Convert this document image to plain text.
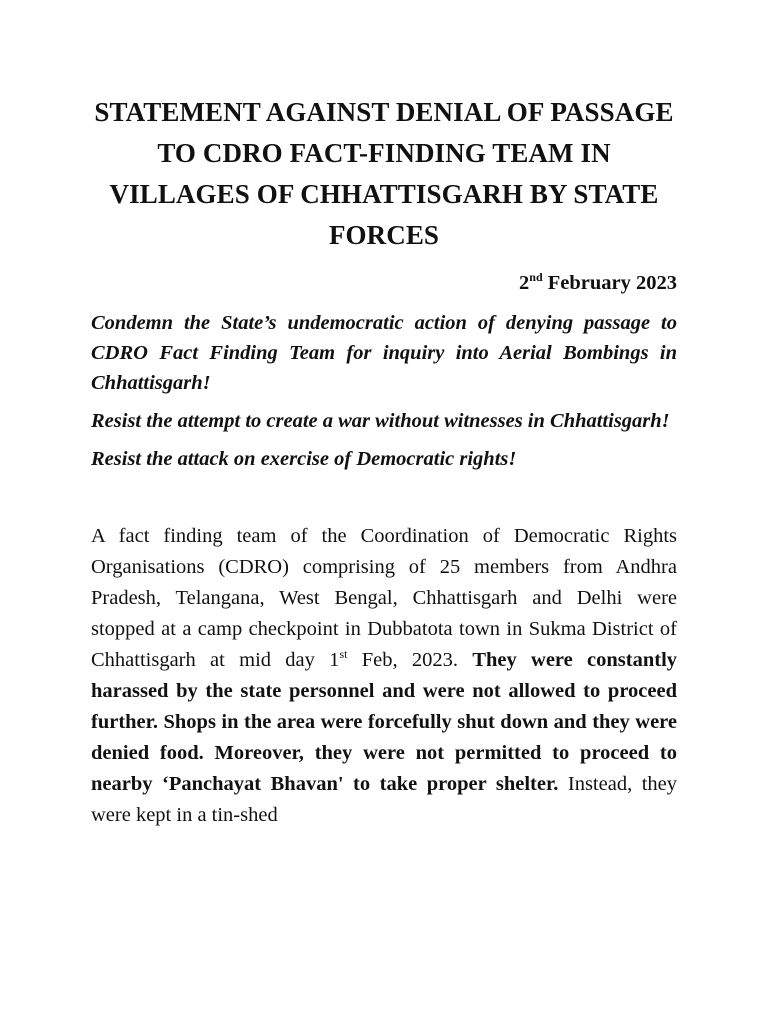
STATEMENT AGAINST DENIAL OF PASSAGE TO CDRO FACT-FINDING TEAM IN VILLAGES OF CHHATTISGARH BY STATE FORCES
2nd February 2023

Condemn the State’s undemocratic action of denying passage to CDRO Fact Finding Team for inquiry into Aerial Bombings in Chhattisgarh!

Resist the attempt to create a war without witnesses in Chhattisgarh!

Resist the attack on exercise of Democratic rights!

A fact finding team of the Coordination of Democratic Rights Organisations (CDRO) comprising of 25 members from Andhra Pradesh, Telangana, West Bengal, Chhattisgarh and Delhi were stopped at a camp checkpoint in Dubbatota town in Sukma District of Chhattisgarh at mid day 1st Feb, 2023. They were constantly harassed by the state personnel and were not allowed to proceed further. Shops in the area were forcefully shut down and they were denied food. Moreover, they were not permitted to proceed to nearby ‘Panchayat Bhavan' to take proper shelter. Instead, they were kept in a tin-shed
